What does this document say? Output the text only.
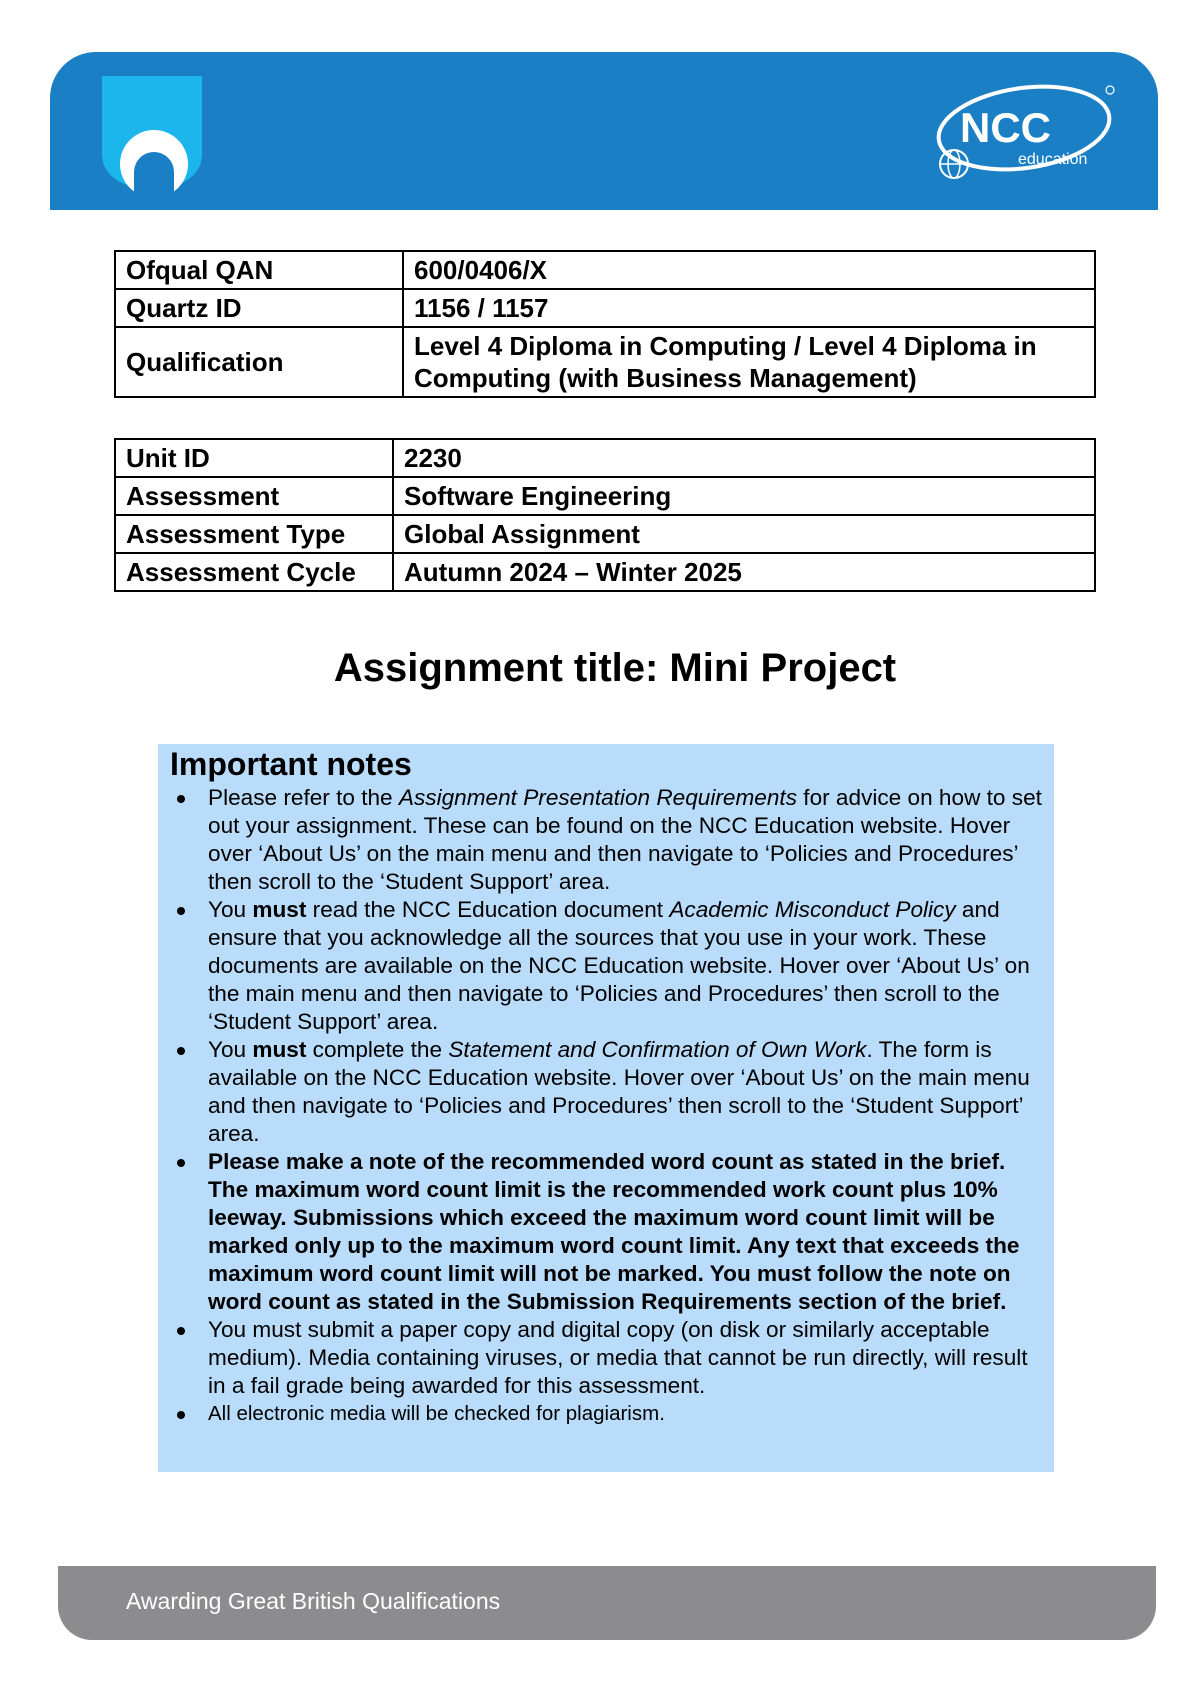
NCC
education
Ofqual QAN	600/0406/X
Quartz ID	1156 / 1157
Qualification	Level 4 Diploma in Computing / Level 4 Diploma in Computing (with Business Management)
Unit ID	2230
Assessment	Software Engineering
Assessment Type	Global Assignment
Assessment Cycle	Autumn 2024 – Winter 2025
Assignment title: Mini Project
Important notes
Please refer to the Assignment Presentation Requirements for advice on how to set out your assignment. These can be found on the NCC Education website. Hover over ‘About Us’ on the main menu and then navigate to ‘Policies and Procedures’ then scroll to the ‘Student Support’ area.
You must read the NCC Education document Academic Misconduct Policy and ensure that you acknowledge all the sources that you use in your work. These documents are available on the NCC Education website. Hover over ‘About Us’ on the main menu and then navigate to ‘Policies and Procedures’ then scroll to the ‘Student Support’ area.
You must complete the Statement and Confirmation of Own Work. The form is available on the NCC Education website. Hover over ‘About Us’ on the main menu and then navigate to ‘Policies and Procedures’ then scroll to the ‘Student Support’ area.
Please make a note of the recommended word count as stated in the brief. The maximum word count limit is the recommended work count plus 10% leeway. Submissions which exceed the maximum word count limit will be marked only up to the maximum word count limit. Any text that exceeds the maximum word count limit will not be marked. You must follow the note on word count as stated in the Submission Requirements section of the brief.
You must submit a paper copy and digital copy (on disk or similarly acceptable medium). Media containing viruses, or media that cannot be run directly, will result in a fail grade being awarded for this assessment.
All electronic media will be checked for plagiarism.
Awarding Great British Qualifications
